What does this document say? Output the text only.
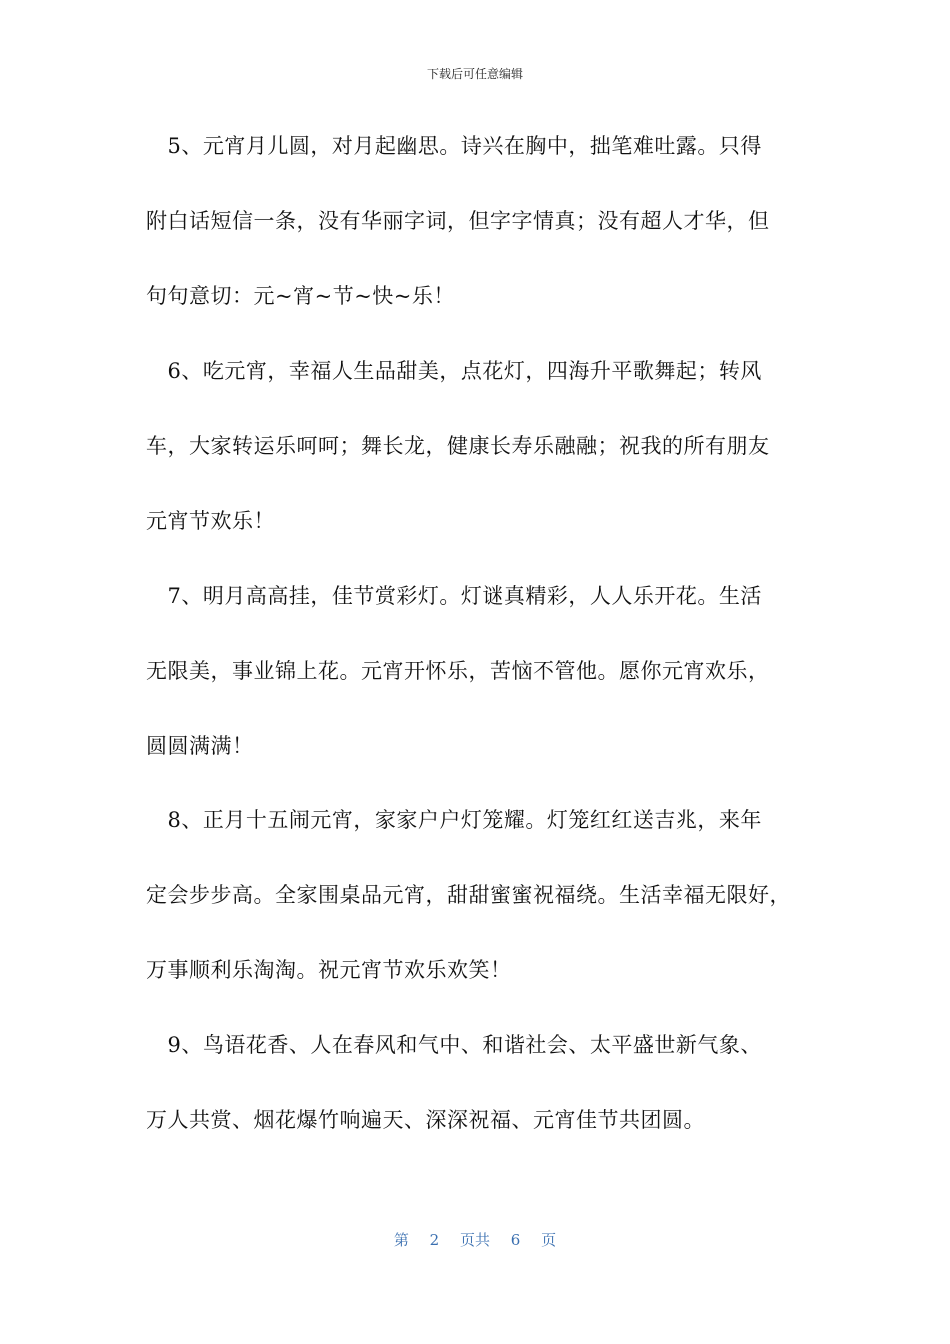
下载后可任意编辑
　5、元宵月儿圆，对月起幽思。诗兴在胸中，拙笔难吐露。只得
附白话短信一条，没有华丽字词，但字字情真；没有超人才华，但
句句意切：元~宵~节~快~乐！
　6、吃元宵，幸福人生品甜美，点花灯，四海升平歌舞起；转风
车，大家转运乐呵呵；舞长龙，健康长寿乐融融；祝我的所有朋友
元宵节欢乐！
　7、明月高高挂，佳节赏彩灯。灯谜真精彩，人人乐开花。生活
无限美，事业锦上花。元宵开怀乐，苦恼不管他。愿你元宵欢乐，
圆圆满满！
　8、正月十五闹元宵，家家户户灯笼耀。灯笼红红送吉兆，来年
定会步步高。全家围桌品元宵，甜甜蜜蜜祝福绕。生活幸福无限好，
万事顺利乐淘淘。祝元宵节欢乐欢笑！
　9、鸟语花香、人在春风和气中、和谐社会、太平盛世新气象、
万人共赏、烟花爆竹响遍天、深深祝福、元宵佳节共团圆。
第 2 页共 6 页
